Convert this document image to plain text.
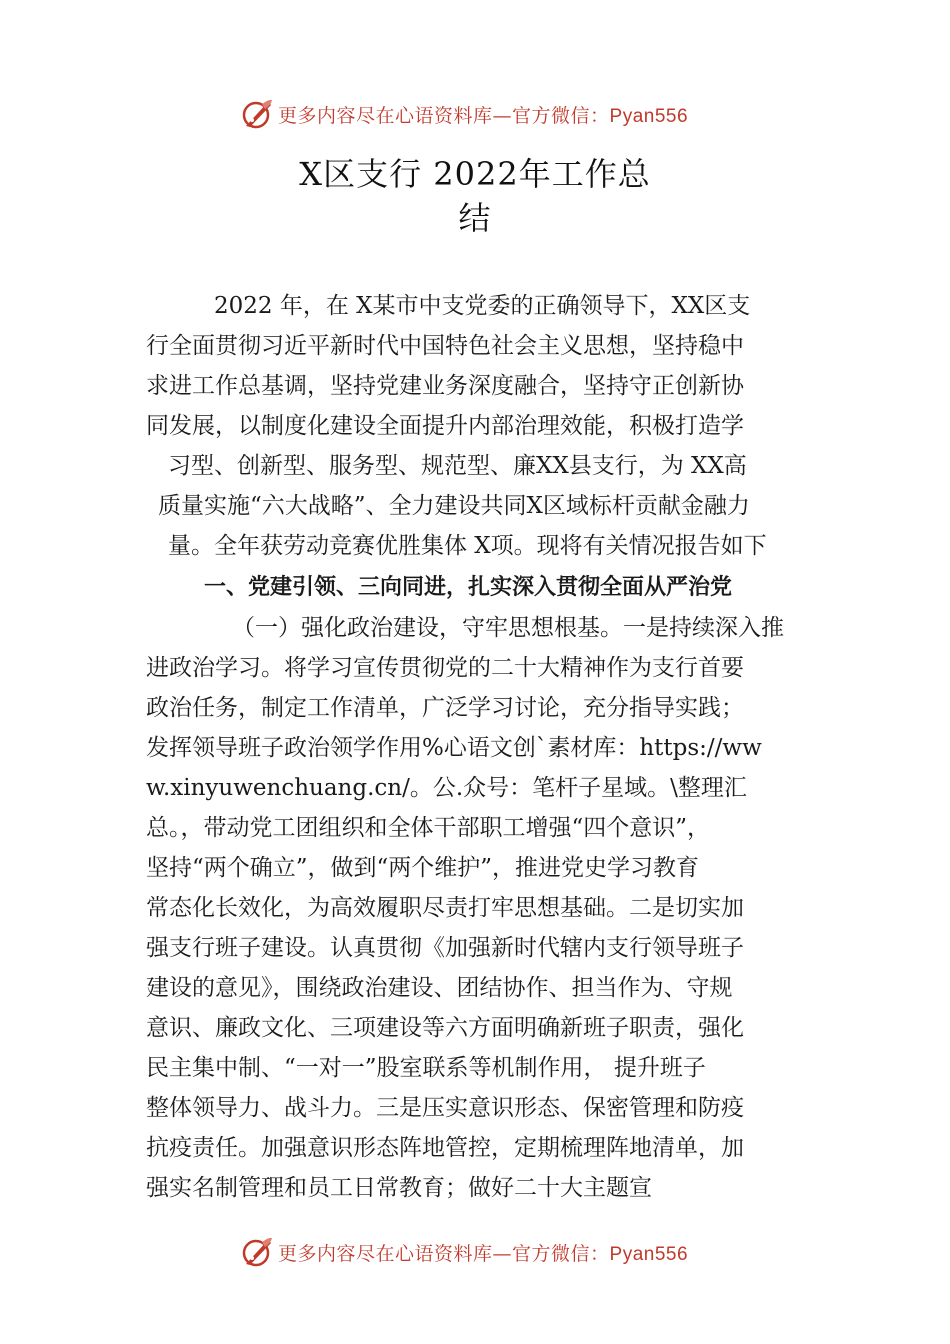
更多内容尽在心语资料库—官方微信：Pyan556
X区支行 2022年工作总
结
2022 年，在 X某市中支党委的正确领导下，XX区支
行全面贯彻习近平新时代中国特色社会主义思想，坚持稳中
求进工作总基调，坚持党建业务深度融合，坚持守正创新协
同发展，以制度化建设全面提升内部治理效能，积极打造学
习型、创新型、服务型、规范型、廉XX县支行，为 XX高
质量实施“六大战略”、全力建设共同X区域标杆贡献金融力
量。全年获劳动竞赛优胜集体 X项。现将有关情况报告如下
一、党建引领、三向同进，扎实深入贯彻全面从严治党
（一）强化政治建设，守牢思想根基。一是持续深入推
进政治学习。将学习宣传贯彻党的二十大精神作为支行首要
政治任务，制定工作清单，广泛学习讨论，充分指导实践；
发挥领导班子政治领学作用%心语文创`素材库：https://ww
w.xinyuwenchuang.cn/。公.众号：笔杆子星域。\整理汇
总。，带动党工团组织和全体干部职工增强“四个意识”，
坚持“两个确立”，做到“两个维护”，推进党史学习教育
常态化长效化，为高效履职尽责打牢思想基础。二是切实加
强支行班子建设。认真贯彻《加强新时代辖内支行领导班子
建设的意见》，围绕政治建设、团结协作、担当作为、守规
意识、廉政文化、三项建设等六方面明确新班子职责，强化
民主集中制、“一对一”股室联系等机制作用， 提升班子
整体领导力、战斗力。三是压实意识形态、保密管理和防疫
抗疫责任。加强意识形态阵地管控，定期梳理阵地清单，加
强实名制管理和员工日常教育；做好二十大主题宣
更多内容尽在心语资料库—官方微信：Pyan556
